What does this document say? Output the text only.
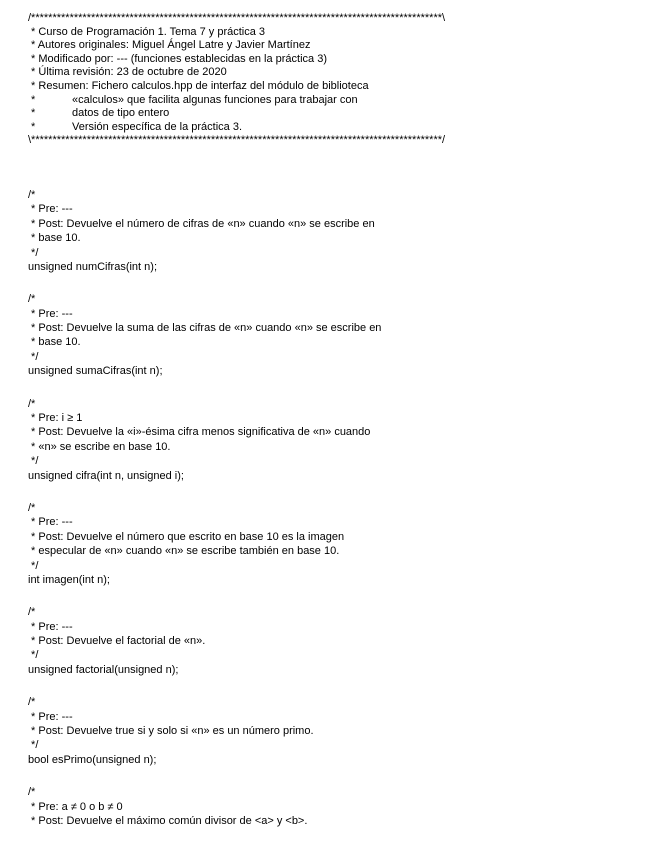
/************************************************************************************************\
* Curso de Programación 1. Tema 7 y práctica 3
* Autores originales: Miguel Ángel Latre y Javier Martínez
* Modificado por: --- (funciones establecidas en la práctica 3)
* Última revisión: 23 de octubre de 2020
* Resumen: Fichero calculos.hpp de interfaz del módulo de biblioteca
*            «calculos» que facilita algunas funciones para trabajar con
*            datos de tipo entero
*            Versión específica de la práctica 3.
\************************************************************************************************/
/*
* Pre: ---
* Post: Devuelve el número de cifras de «n» cuando «n» se escribe en
* base 10.
*/
unsigned numCifras(int n);
/*
* Pre: ---
* Post: Devuelve la suma de las cifras de «n» cuando «n» se escribe en
* base 10.
*/
unsigned sumaCifras(int n);
/*
* Pre: i ≥ 1
* Post: Devuelve la «i»-ésima cifra menos significativa de «n» cuando
* «n» se escribe en base 10.
*/
unsigned cifra(int n, unsigned i);
/*
* Pre: ---
* Post: Devuelve el número que escrito en base 10 es la imagen
* especular de «n» cuando «n» se escribe también en base 10.
*/
int imagen(int n);
/*
* Pre: ---
* Post: Devuelve el factorial de «n».
*/
unsigned factorial(unsigned n);
/*
* Pre: ---
* Post: Devuelve true si y solo si «n» es un número primo.
*/
bool esPrimo(unsigned n);
/*
* Pre: a ≠ 0 o b ≠ 0
* Post: Devuelve el máximo común divisor de <a> y <b>.
